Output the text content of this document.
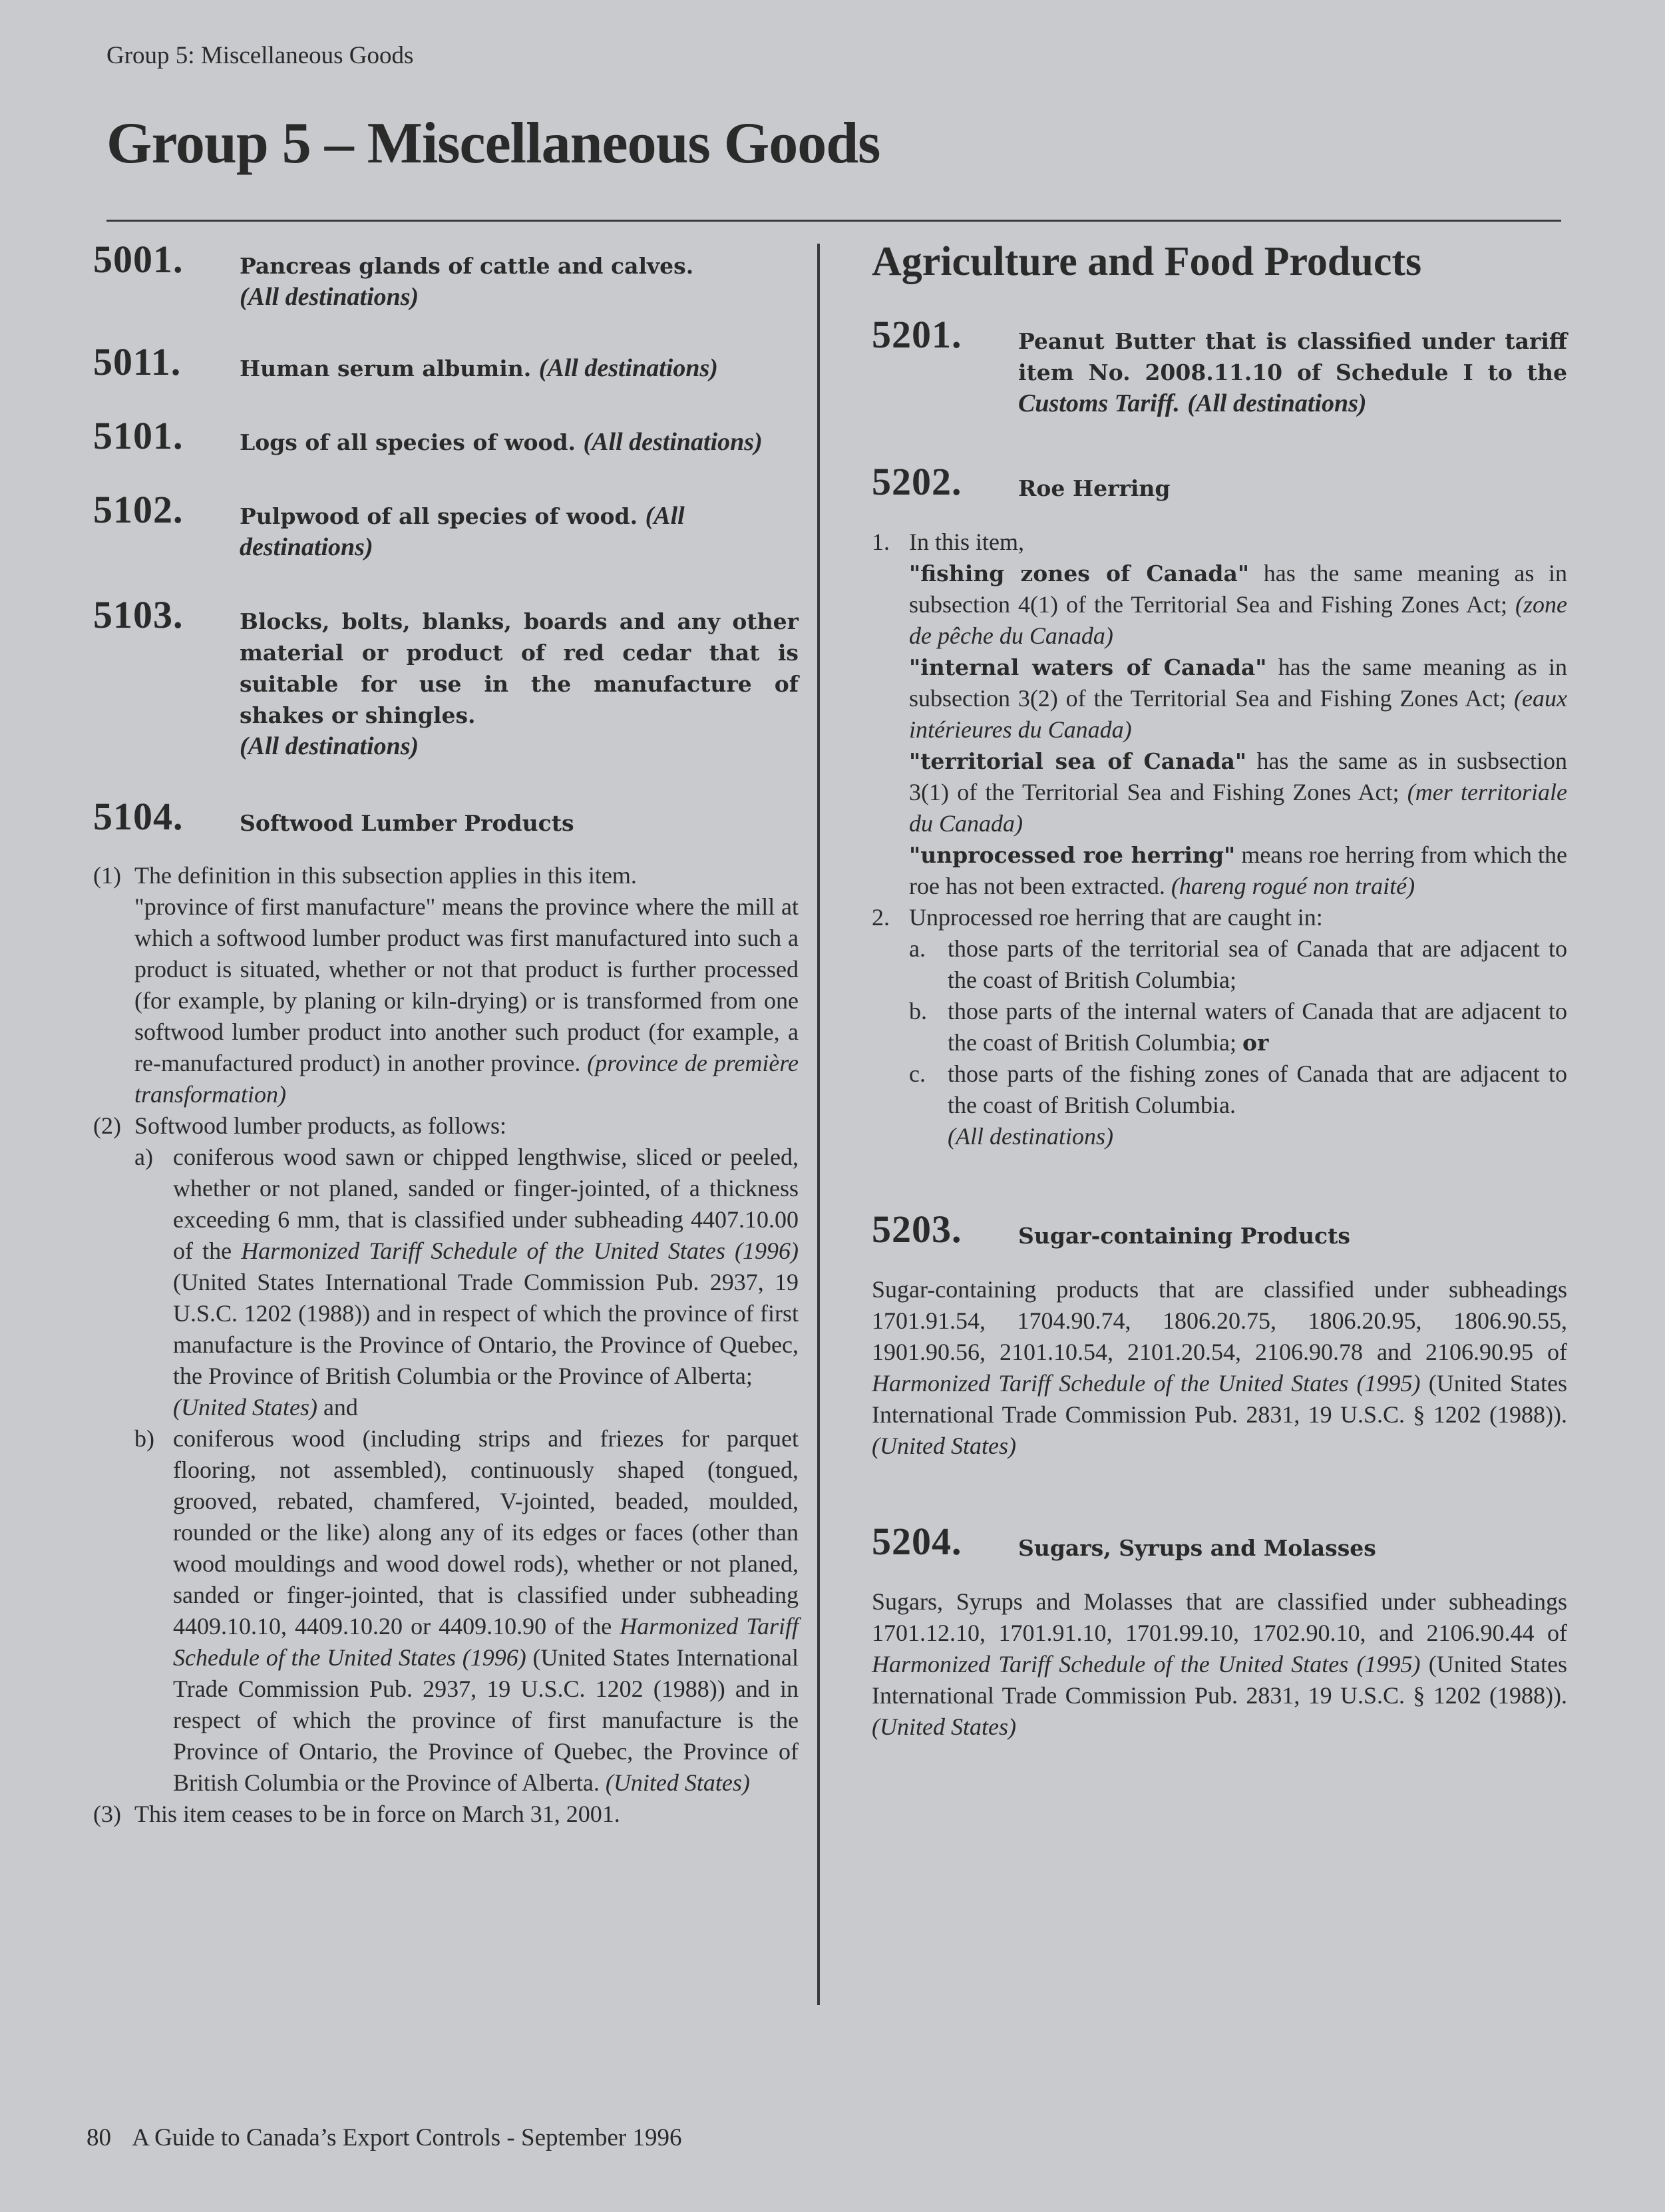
Group 5: Miscellaneous Goods
Group 5 – Miscellaneous Goods
5001.	Pancreas glands of cattle and calves.
(All destinations)
5011.	Human serum albumin. (All destinations)
5101.	Logs of all species of wood. (All destinations)
5102.	Pulpwood of all species of wood. (All destinations)
5103.	Blocks, bolts, blanks, boards and any other material or product of red cedar that is suitable for use in the manufacture of shakes or shingles.
(All destinations)
5104.	Softwood Lumber Products
(1) The definition in this subsection applies in this item.
"province of first manufacture" means the province where the mill at which a softwood lumber product was first manufactured into such a product is situated, whether or not that product is further processed (for example, by planing or kiln-drying) or is transformed from one softwood lumber product into another such product (for example, a re-manufactured product) in another province. (province de première transformation)
(2) Softwood lumber products, as follows:
a) coniferous wood sawn or chipped lengthwise, sliced or peeled, whether or not planed, sanded or finger-jointed, of a thickness exceeding 6 mm, that is classified under subheading 4407.10.00 of the Harmonized Tariff Schedule of the United States (1996) (United States International Trade Commission Pub. 2937, 19 U.S.C. 1202 (1988)) and in respect of which the province of first manufacture is the Province of Ontario, the Province of Quebec, the Province of British Columbia or the Province of Alberta;
(United States) and
b) coniferous wood (including strips and friezes for parquet flooring, not assembled), continuously shaped (tongued, grooved, rebated, chamfered, V-jointed, beaded, moulded, rounded or the like) along any of its edges or faces (other than wood mouldings and wood dowel rods), whether or not planed, sanded or finger-jointed, that is classified under subheading 4409.10.10, 4409.10.20 or 4409.10.90 of the Harmonized Tariff Schedule of the United States (1996) (United States International Trade Commission Pub. 2937, 19 U.S.C. 1202 (1988)) and in respect of which the province of first manufacture is the Province of Ontario, the Province of Quebec, the Province of British Columbia or the Province of Alberta. (United States)
(3) This item ceases to be in force on March 31, 2001.
Agriculture and Food Products
5201.	Peanut Butter that is classified under tariff item No. 2008.11.10 of Schedule I to the Customs Tariff. (All destinations)
5202.	Roe Herring
1. In this item,
"fishing zones of Canada" has the same meaning as in subsection 4(1) of the Territorial Sea and Fishing Zones Act; (zone de pêche du Canada)
"internal waters of Canada" has the same meaning as in subsection 3(2) of the Territorial Sea and Fishing Zones Act; (eaux intérieures du Canada)
"territorial sea of Canada" has the same as in susbsection 3(1) of the Territorial Sea and Fishing Zones Act; (mer territoriale du Canada)
"unprocessed roe herring" means roe herring from which the roe has not been extracted. (hareng rogué non traité)
2. Unprocessed roe herring that are caught in:
a. those parts of the territorial sea of Canada that are adjacent to the coast of British Columbia;
b. those parts of the internal waters of Canada that are adjacent to the coast of British Columbia; or
c. those parts of the fishing zones of Canada that are adjacent to the coast of British Columbia.
(All destinations)
5203.	Sugar-containing Products
Sugar-containing products that are classified under subheadings 1701.91.54, 1704.90.74, 1806.20.75, 1806.20.95, 1806.90.55, 1901.90.56, 2101.10.54, 2101.20.54, 2106.90.78 and 2106.90.95 of Harmonized Tariff Schedule of the United States (1995) (United States International Trade Commission Pub. 2831, 19 U.S.C. § 1202 (1988)). (United States)
5204.	Sugars, Syrups and Molasses
Sugars, Syrups and Molasses that are classified under subheadings 1701.12.10, 1701.91.10, 1701.99.10, 1702.90.10, and 2106.90.44 of Harmonized Tariff Schedule of the United States (1995) (United States International Trade Commission Pub. 2831, 19 U.S.C. § 1202 (1988)). (United States)
80 A Guide to Canada’s Export Controls - September 1996
